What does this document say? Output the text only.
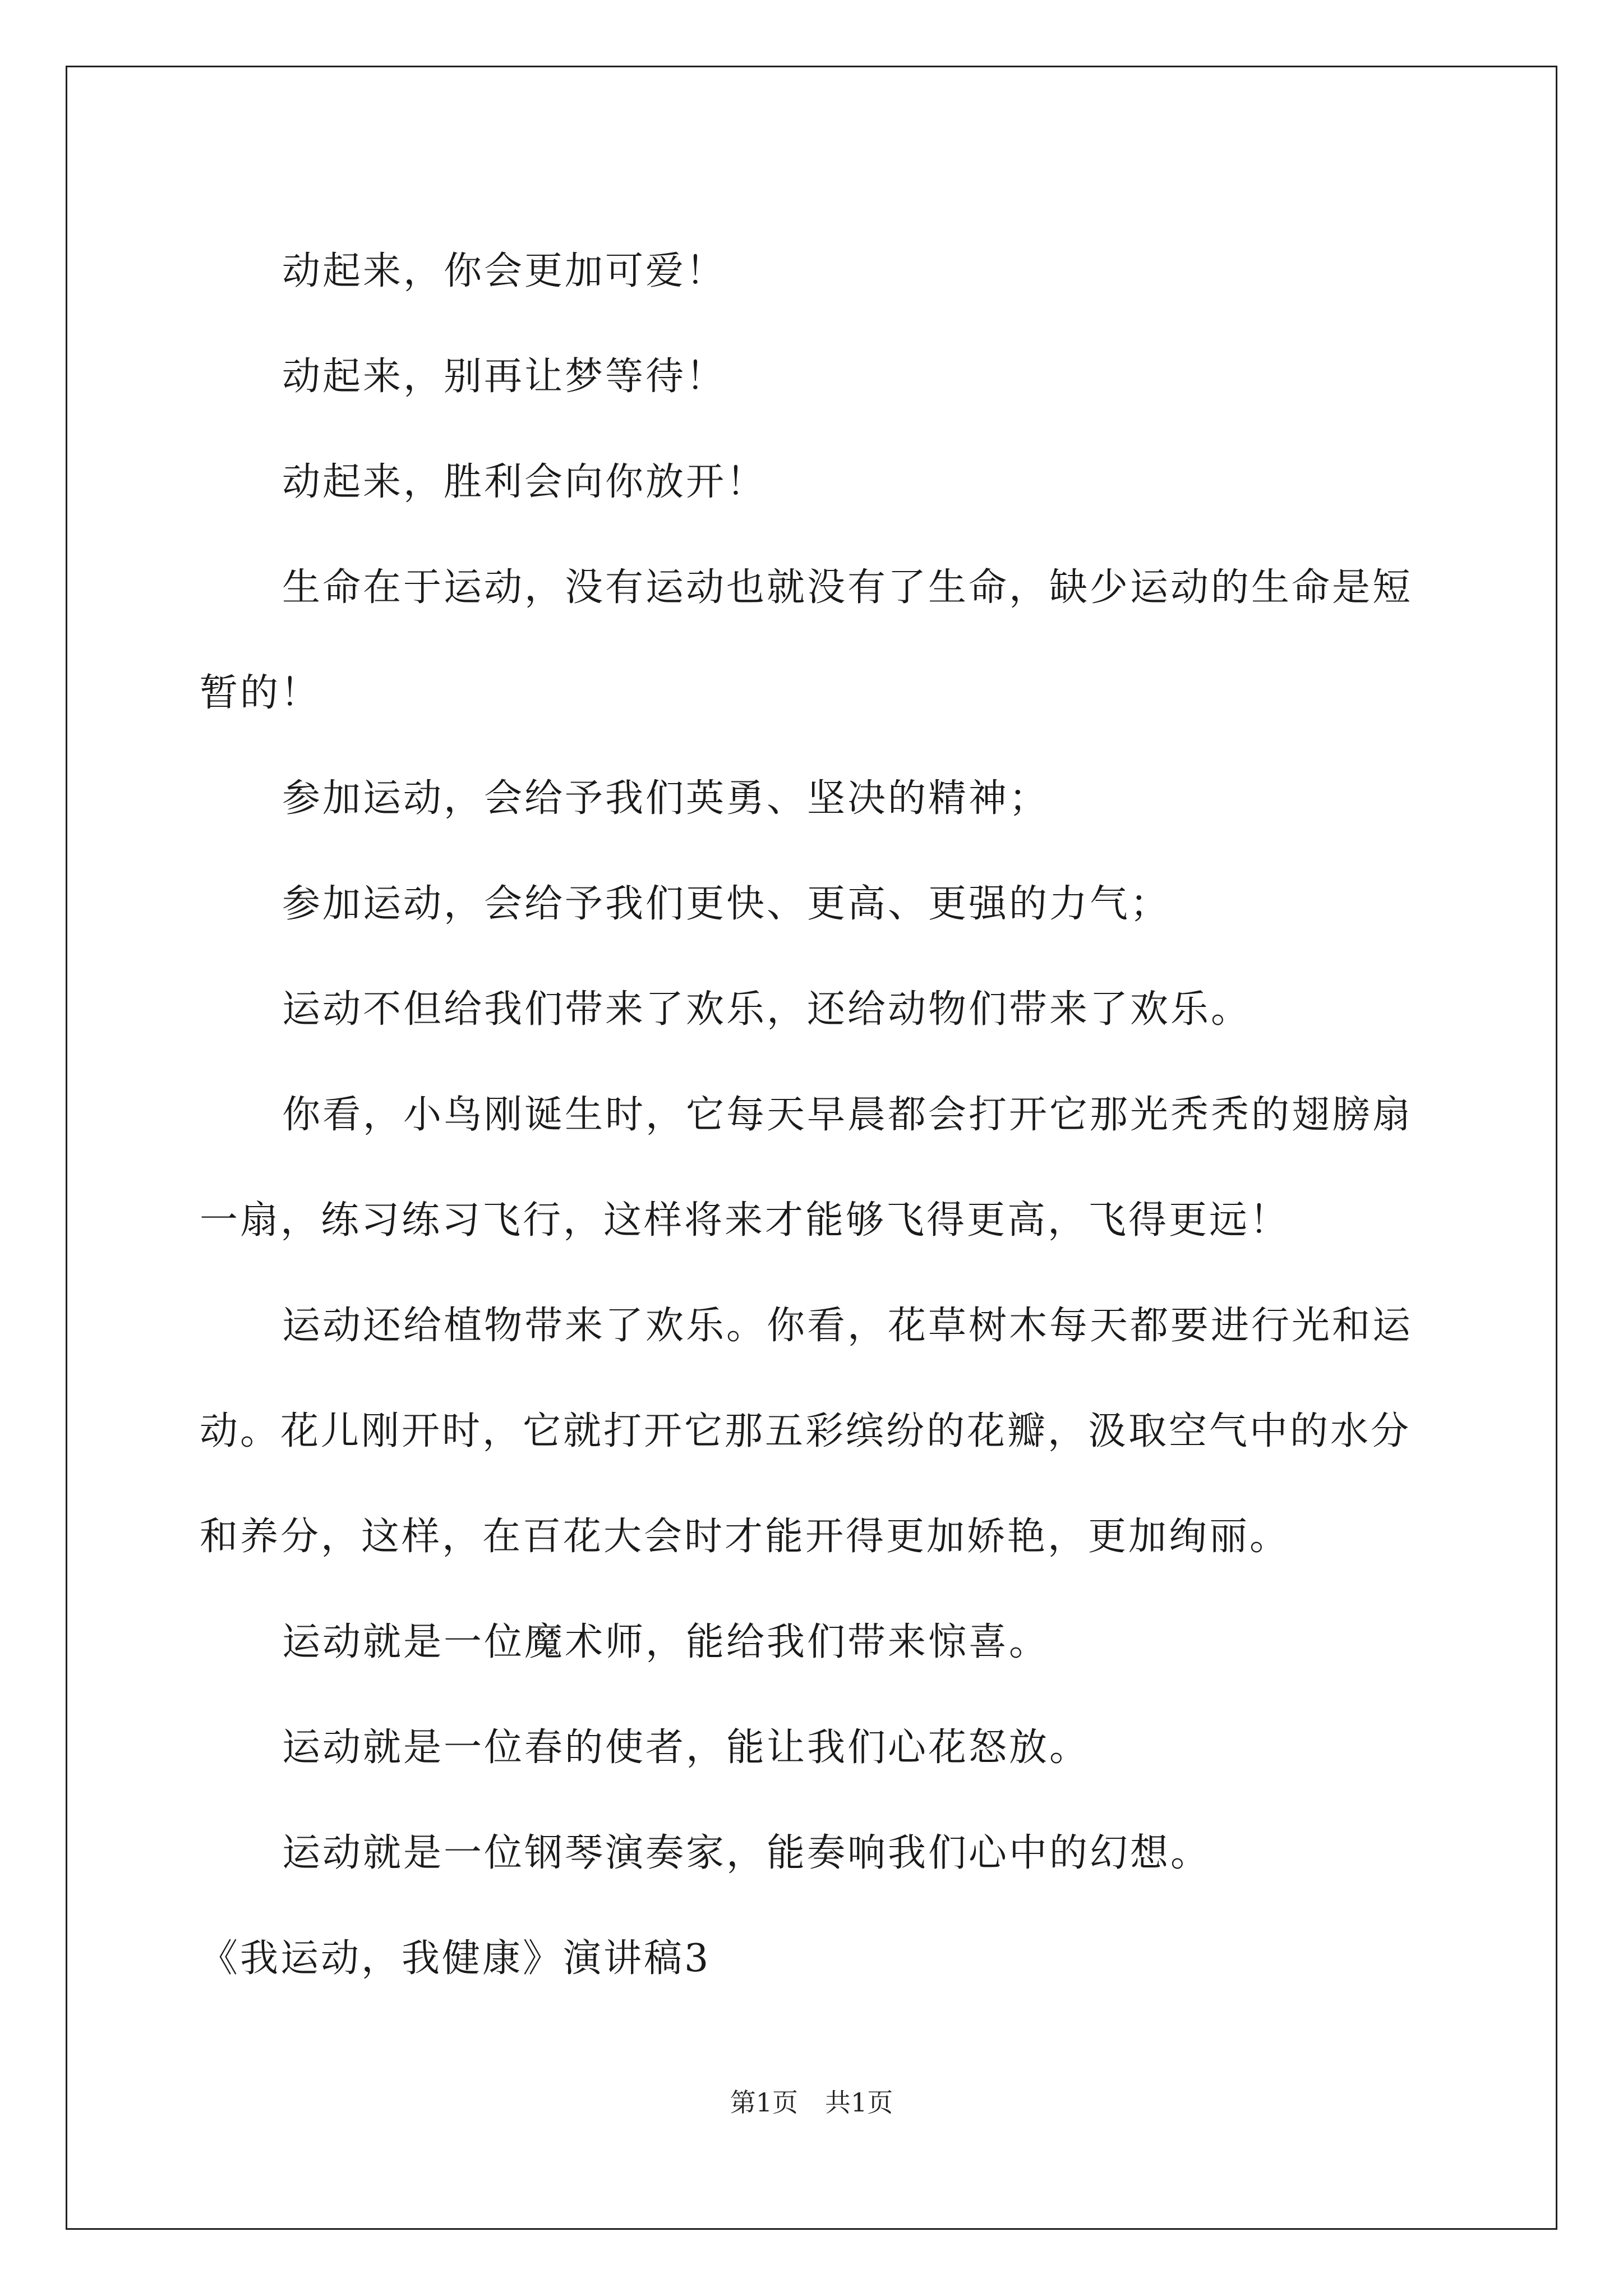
动起来，你会更加可爱！

动起来，别再让梦等待！

动起来，胜利会向你放开！

生命在于运动，没有运动也就没有了生命，缺少运动的生命是短暂的！

参加运动，会给予我们英勇、坚决的精神；

参加运动，会给予我们更快、更高、更强的力气；

运动不但给我们带来了欢乐，还给动物们带来了欢乐。

你看，小鸟刚诞生时，它每天早晨都会打开它那光秃秃的翅膀扇一扇，练习练习飞行，这样将来才能够飞得更高，飞得更远！

运动还给植物带来了欢乐。你看，花草树木每天都要进行光和运动。花儿刚开时，它就打开它那五彩缤纷的花瓣，汲取空气中的水分和养分，这样，在百花大会时才能开得更加娇艳，更加绚丽。

运动就是一位魔术师，能给我们带来惊喜。

运动就是一位春的使者，能让我们心花怒放。

运动就是一位钢琴演奏家，能奏响我们心中的幻想。

《我运动，我健康》演讲稿3

第1页 共1页
